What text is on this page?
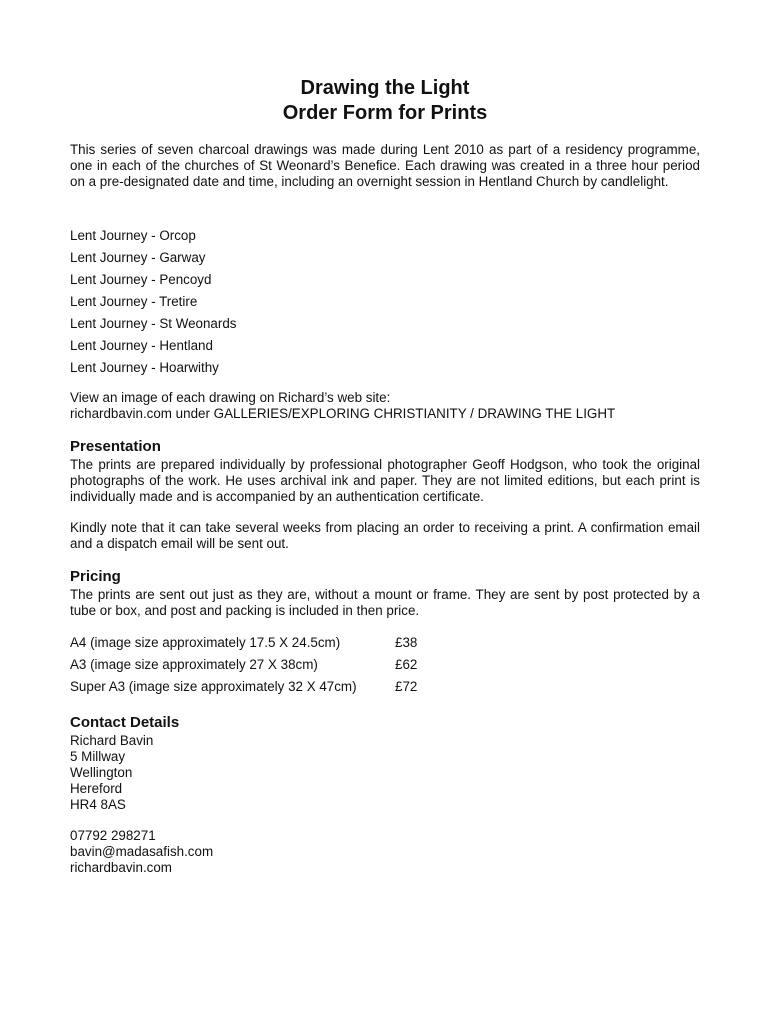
Drawing the Light
Order Form for Prints
This series of seven charcoal drawings was made during Lent 2010 as part of a residency programme, one in each of the churches of St Weonard’s Benefice. Each drawing was created in a three hour period on a pre-designated date and time, including an overnight session in Hentland Church by candlelight.
Lent Journey - Orcop
Lent Journey - Garway
Lent Journey - Pencoyd
Lent Journey - Tretire
Lent Journey - St Weonards
Lent Journey - Hentland
Lent Journey - Hoarwithy
View an image of each drawing on Richard’s web site:
richardbavin.com under GALLERIES/EXPLORING CHRISTIANITY / DRAWING THE LIGHT
Presentation
The prints are prepared individually by professional photographer Geoff Hodgson, who took the original photographs of the work. He uses archival ink and paper. They are not limited editions, but each print is individually made and is accompanied by an authentication certificate.
Kindly note that it can take several weeks from placing an order to receiving a print. A confirmation email and a dispatch email will be sent out.
Pricing
The prints are sent out just as they are, without a mount or frame. They are sent by post protected by a tube or box, and post and packing is included in then price.
A4 (image size approximately 17.5 X 24.5cm)	£38
A3 (image size approximately 27 X 38cm)	£62
Super A3 (image size approximately 32 X 47cm)	£72
Contact Details
Richard Bavin
5 Millway
Wellington
Hereford
HR4 8AS
07792 298271
bavin@madasafish.com
richardbavin.com
